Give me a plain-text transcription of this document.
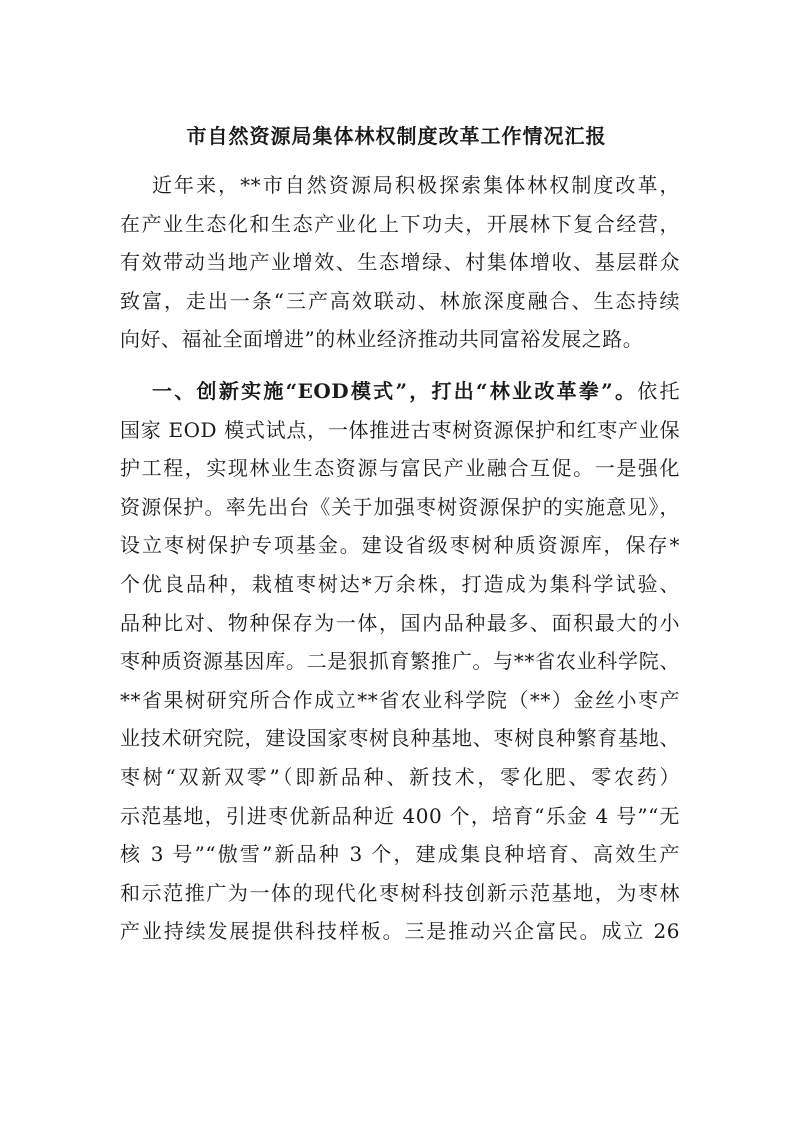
市自然资源局集体林权制度改革工作情况汇报
近年来，**市自然资源局积极探索集体林权制度改革，
在产业生态化和生态产业化上下功夫，开展林下复合经营，
有效带动当地产业增效、生态增绿、村集体增收、基层群众
致富，走出一条“三产高效联动、林旅深度融合、生态持续
向好、福祉全面增进”的林业经济推动共同富裕发展之路。
一、创新实施“EOD模式”，打出“林业改革拳”。依托
国家 EOD 模式试点，一体推进古枣树资源保护和红枣产业保
护工程，实现林业生态资源与富民产业融合互促。一是强化
资源保护。率先出台《关于加强枣树资源保护的实施意见》，
设立枣树保护专项基金。建设省级枣树种质资源库，保存*
个优良品种，栽植枣树达*万余株，打造成为集科学试验、
品种比对、物种保存为一体，国内品种最多、面积最大的小
枣种质资源基因库。二是狠抓育繁推广。与**省农业科学院、
**省果树研究所合作成立**省农业科学院（**）金丝小枣产
业技术研究院，建设国家枣树良种基地、枣树良种繁育基地、
枣树“双新双零”（即新品种、新技术，零化肥、零农药）
示范基地，引进枣优新品种近 400 个，培育“乐金 4 号”“无
核 3 号”“傲雪”新品种 3 个，建成集良种培育、高效生产
和示范推广为一体的现代化枣树科技创新示范基地，为枣林
产业持续发展提供科技样板。三是推动兴企富民。成立 26
